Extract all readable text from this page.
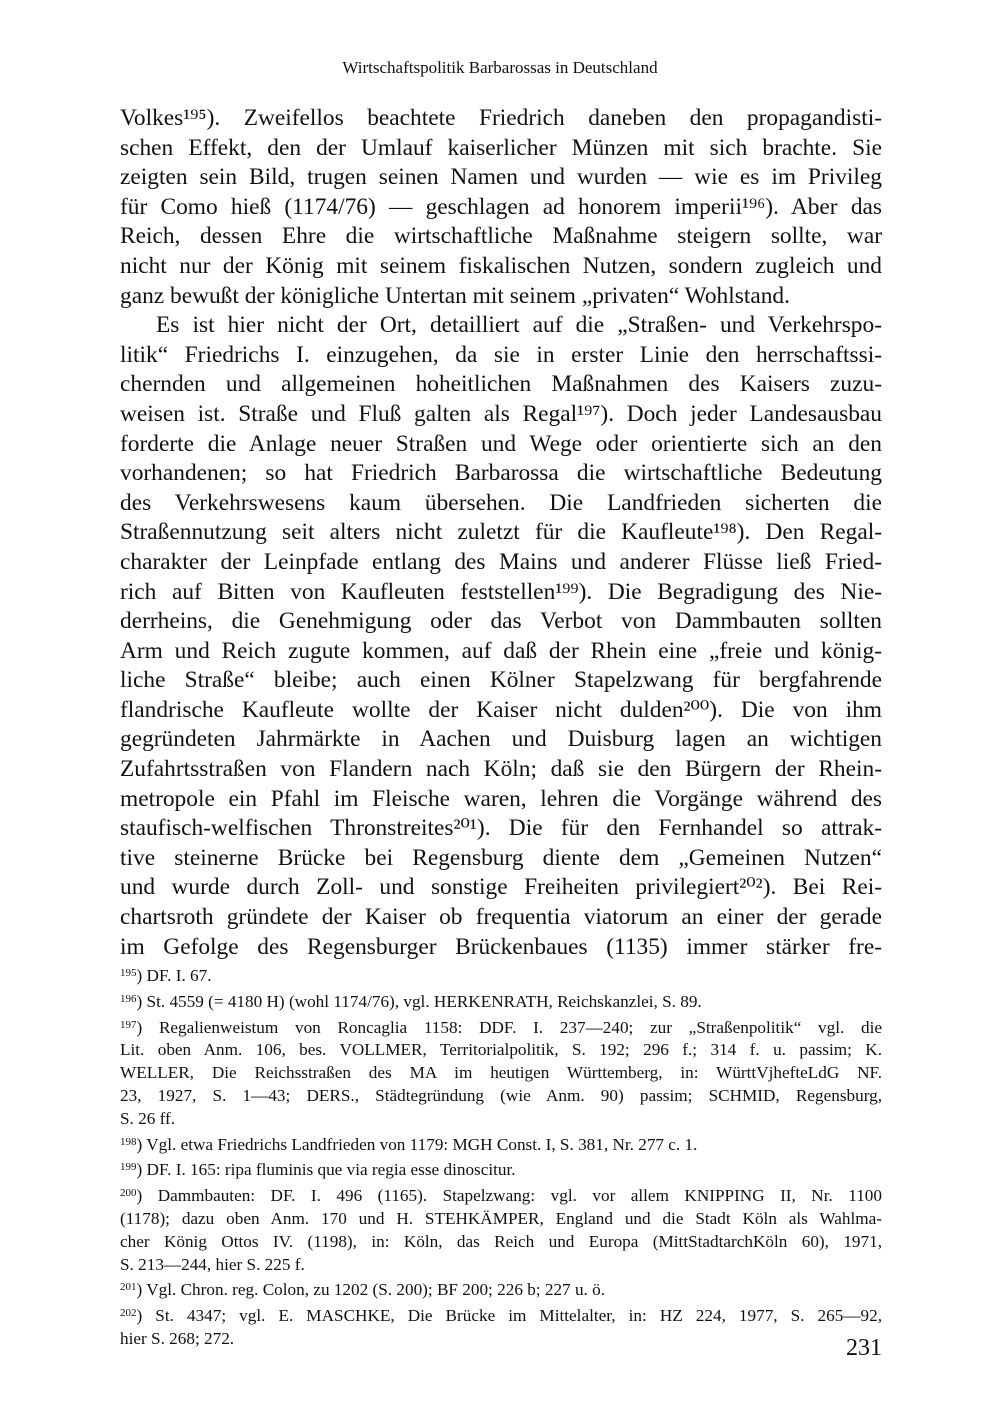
Wirtschaftspolitik Barbarossas in Deutschland
Volkes¹⁹⁵). Zweifellos beachtete Friedrich daneben den propagandisti-
schen Effekt, den der Umlauf kaiserlicher Münzen mit sich brachte. Sie
zeigten sein Bild, trugen seinen Namen und wurden — wie es im Privileg
für Como hieß (1174/76) — geschlagen ad honorem imperii¹⁹⁶). Aber das
Reich, dessen Ehre die wirtschaftliche Maßnahme steigern sollte, war
nicht nur der König mit seinem fiskalischen Nutzen, sondern zugleich und
ganz bewußt der königliche Untertan mit seinem „privaten“ Wohlstand.
Es ist hier nicht der Ort, detailliert auf die „Straßen- und Verkehrspo-
litik“ Friedrichs I. einzugehen, da sie in erster Linie den herrschaftssi-
chernden und allgemeinen hoheitlichen Maßnahmen des Kaisers zuzu-
weisen ist. Straße und Fluß galten als Regal¹⁹⁷). Doch jeder Landesausbau
forderte die Anlage neuer Straßen und Wege oder orientierte sich an den
vorhandenen; so hat Friedrich Barbarossa die wirtschaftliche Bedeutung
des Verkehrswesens kaum übersehen. Die Landfrieden sicherten die
Straßennutzung seit alters nicht zuletzt für die Kaufleute¹⁹⁸). Den Regal-
charakter der Leinpfade entlang des Mains und anderer Flüsse ließ Fried-
rich auf Bitten von Kaufleuten feststellen¹⁹⁹). Die Begradigung des Nie-
derrheins, die Genehmigung oder das Verbot von Dammbauten sollten
Arm und Reich zugute kommen, auf daß der Rhein eine „freie und könig-
liche Straße“ bleibe; auch einen Kölner Stapelzwang für bergfahrende
flandrische Kaufleute wollte der Kaiser nicht dulden²⁰⁰). Die von ihm
gegründeten Jahrmärkte in Aachen und Duisburg lagen an wichtigen
Zufahrtsstraßen von Flandern nach Köln; daß sie den Bürgern der Rhein-
metropole ein Pfahl im Fleische waren, lehren die Vorgänge während des
staufisch-welfischen Thronstreites²⁰¹). Die für den Fernhandel so attrak-
tive steinerne Brücke bei Regensburg diente dem „Gemeinen Nutzen“
und wurde durch Zoll- und sonstige Freiheiten privilegiert²⁰²). Bei Rei-
chartsroth gründete der Kaiser ob frequentia viatorum an einer der gerade
im Gefolge des Regensburger Brückenbaues (1135) immer stärker fre-
$^{195}$) DF. I. 67.
$^{196}$) St. 4559 (= 4180 H) (wohl 1174/76), vgl. HERKENRATH, Reichskanzlei, S. 89.
$^{197}$) Regalienweistum von Roncaglia 1158: DDF. I. 237—240; zur „Straßenpolitik“ vgl. die
Lit. oben Anm. 106, bes. VOLLMER, Territorialpolitik, S. 192; 296 f.; 314 f. u. passim; K.
WELLER, Die Reichsstraßen des MA im heutigen Württemberg, in: WürttVjhefteLdG NF.
23, 1927, S. 1—43; DERS., Städtegründung (wie Anm. 90) passim; SCHMID, Regensburg,
S. 26 ff.
$^{198}$) Vgl. etwa Friedrichs Landfrieden von 1179: MGH Const. I, S. 381, Nr. 277 c. 1.
$^{199}$) DF. I. 165: ripa fluminis que via regia esse dinoscitur.
$^{200}$) Dammbauten: DF. I. 496 (1165). Stapelzwang: vgl. vor allem KNIPPING II, Nr. 1100
(1178); dazu oben Anm. 170 und H. STEHKÄMPER, England und die Stadt Köln als Wahlma-
cher König Ottos IV. (1198), in: Köln, das Reich und Europa (MittStadtarchKöln 60), 1971,
S. 213—244, hier S. 225 f.
$^{201}$) Vgl. Chron. reg. Colon, zu 1202 (S. 200); BF 200; 226 b; 227 u. ö.
$^{202}$) St. 4347; vgl. E. MASCHKE, Die Brücke im Mittelalter, in: HZ 224, 1977, S. 265—92,
hier S. 268; 272.	231
